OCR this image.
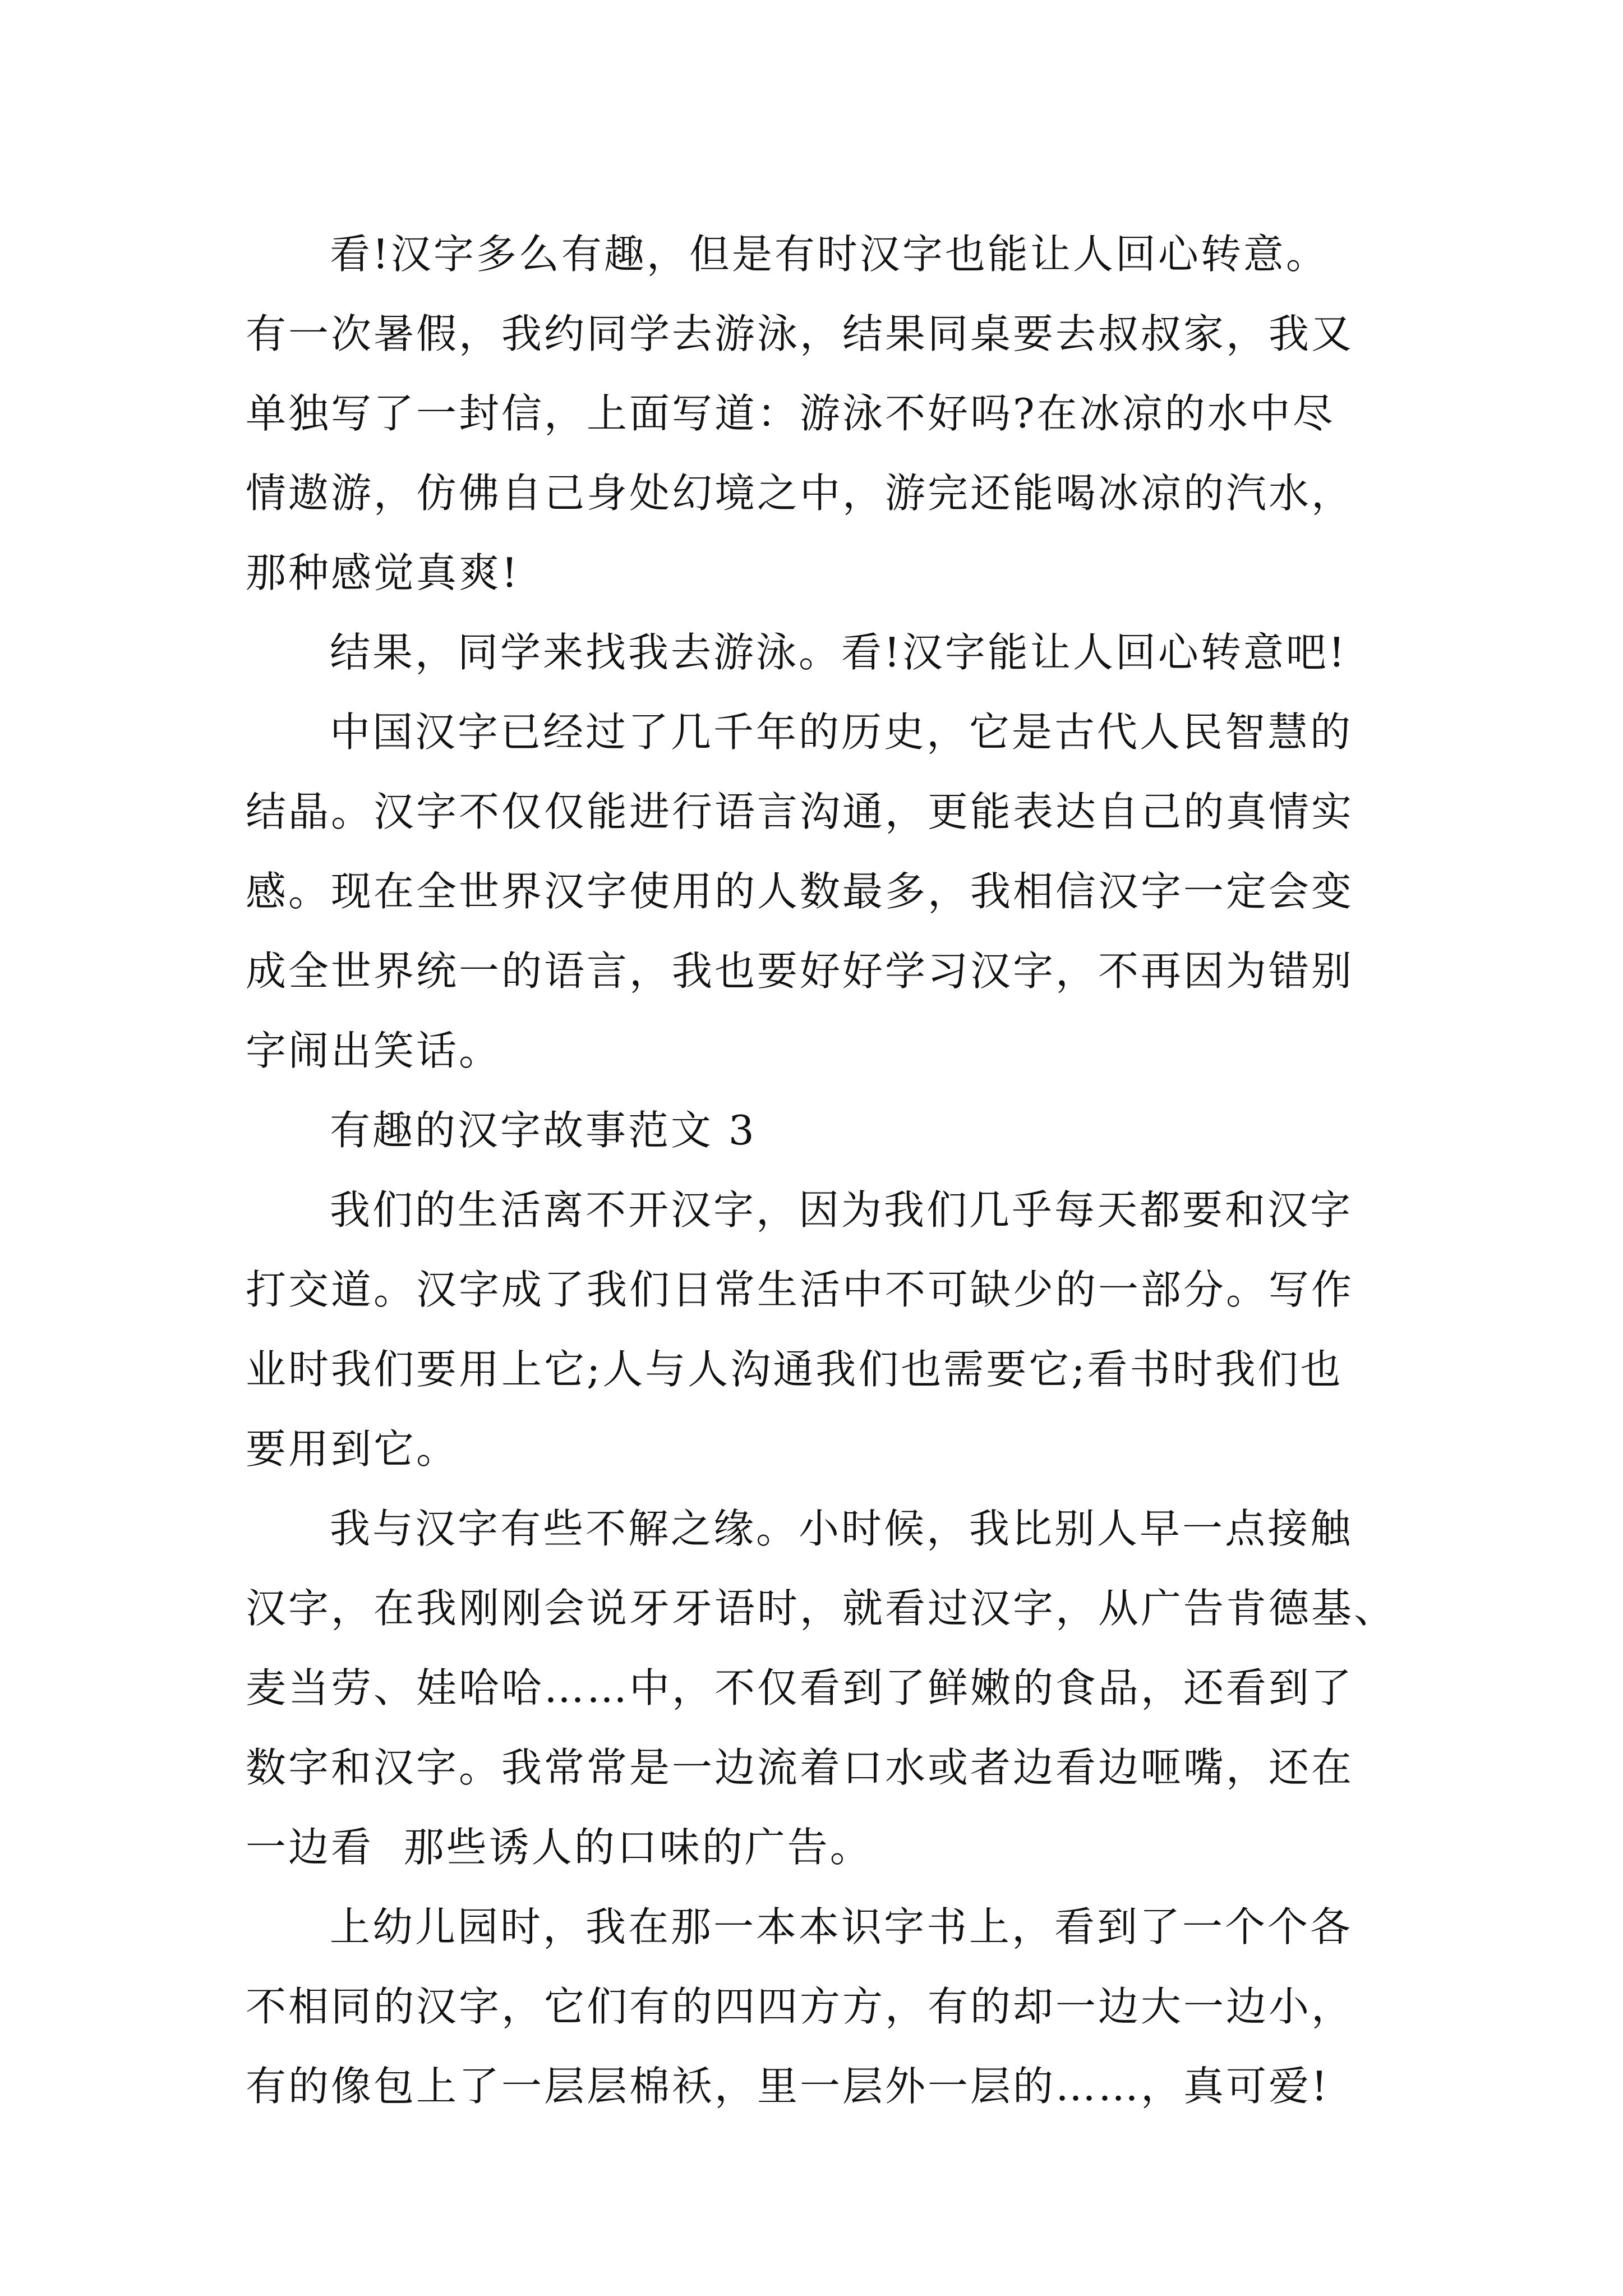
看!汉字多么有趣，但是有时汉字也能让人回心转意。
有一次暑假，我约同学去游泳，结果同桌要去叔叔家，我又
单独写了一封信，上面写道：游泳不好吗?在冰凉的水中尽
情遨游，仿佛自己身处幻境之中，游完还能喝冰凉的汽水，
那种感觉真爽!
结果，同学来找我去游泳。看!汉字能让人回心转意吧!
中国汉字已经过了几千年的历史，它是古代人民智慧的
结晶。汉字不仅仅能进行语言沟通，更能表达自己的真情实
感。现在全世界汉字使用的人数最多，我相信汉字一定会变
成全世界统一的语言，我也要好好学习汉字，不再因为错别
字闹出笑话。
有趣的汉字故事范文 3
我们的生活离不开汉字，因为我们几乎每天都要和汉字
打交道。汉字成了我们日常生活中不可缺少的一部分。写作
业时我们要用上它;人与人沟通我们也需要它;看书时我们也
要用到它。
我与汉字有些不解之缘。小时候，我比别人早一点接触
汉字，在我刚刚会说牙牙语时，就看过汉字，从广告肯德基、
麦当劳、娃哈哈……中，不仅看到了鲜嫩的食品，还看到了
数字和汉字。我常常是一边流着口水或者边看边咂嘴，还在
一边看  那些诱人的口味的广告。
上幼儿园时，我在那一本本识字书上，看到了一个个各
不相同的汉字，它们有的四四方方，有的却一边大一边小，
有的像包上了一层层棉袄，里一层外一层的……，真可爱!
